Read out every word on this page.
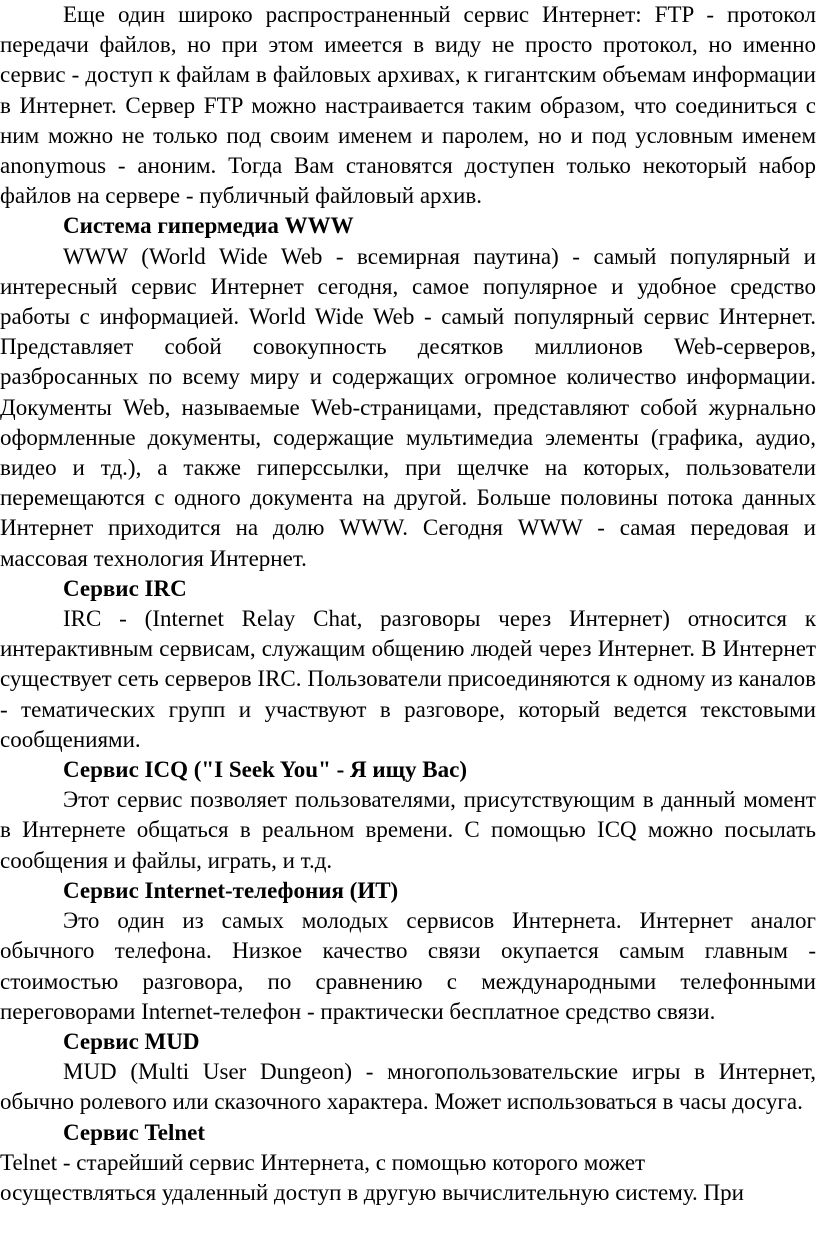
Еще один широко распространенный сервис Интернет: FTP - протокол передачи файлов, но при этом имеется в виду не просто протокол, но именно сервис - доступ к файлам в файловых архивах, к гигантским объемам информации в Интернет. Сервер FTP можно настраивается таким образом, что соединиться с ним можно не только под своим именем и паролем, но и под условным именем anonymous - аноним. Тогда Вам становятся доступен только некоторый набор файлов на сервере - публичный файловый архив.

Система гипермедиа WWW

WWW (World Wide Web - всемирная паутина) - самый популярный и интересный сервис Интернет сегодня, самое популярное и удобное средство работы с информацией. World Wide Web - самый популярный сервис Интернет. Представляет собой совокупность десятков миллионов Web-серверов, разбросанных по всему миру и содержащих огромное количество информации. Документы Web, называемые Web-страницами, представляют собой журнально оформленные документы, содержащие мультимедиа элементы (графика, аудио, видео и тд.), а также гиперссылки, при щелчке на которых, пользователи перемещаются с одного документа на другой. Больше половины потока данных Интернет приходится на долю WWW. Сегодня WWW - самая передовая и массовая технология Интернет.

Сервис IRC

IRC - (Internet Relay Chat, разговоры через Интернет) относится к интерактивным сервисам, служащим общению людей через Интернет. В Интернет существует сеть серверов IRC. Пользователи присоединяются к одному из каналов - тематических групп и участвуют в разговоре, который ведется текстовыми сообщениями.

Сервис ICQ ("I Seek You" - Я ищу Вас)

Этот сервис позволяет пользователями, присутствующим в данный момент в Интернете общаться в реальном времени. С помощью ICQ можно посылать сообщения и файлы, играть, и т.д.

Сервис Internet-телефония (ИТ)

Это один из самых молодых сервисов Интернета. Интернет аналог обычного телефона. Низкое качество связи окупается самым главным - стоимостью разговора, по сравнению с международными телефонными переговорами Internet-телефон - практически бесплатное средство связи.

Сервис MUD

MUD (Multi User Dungeon) - многопользовательские игры в Интернет, обычно ролевого или сказочного характера. Может использоваться в часы досуга.

Сервис Telnet

Telnet - старейший сервис Интернета, с помощью которого может

осуществляться удаленный доступ в другую вычислительную систему. При
